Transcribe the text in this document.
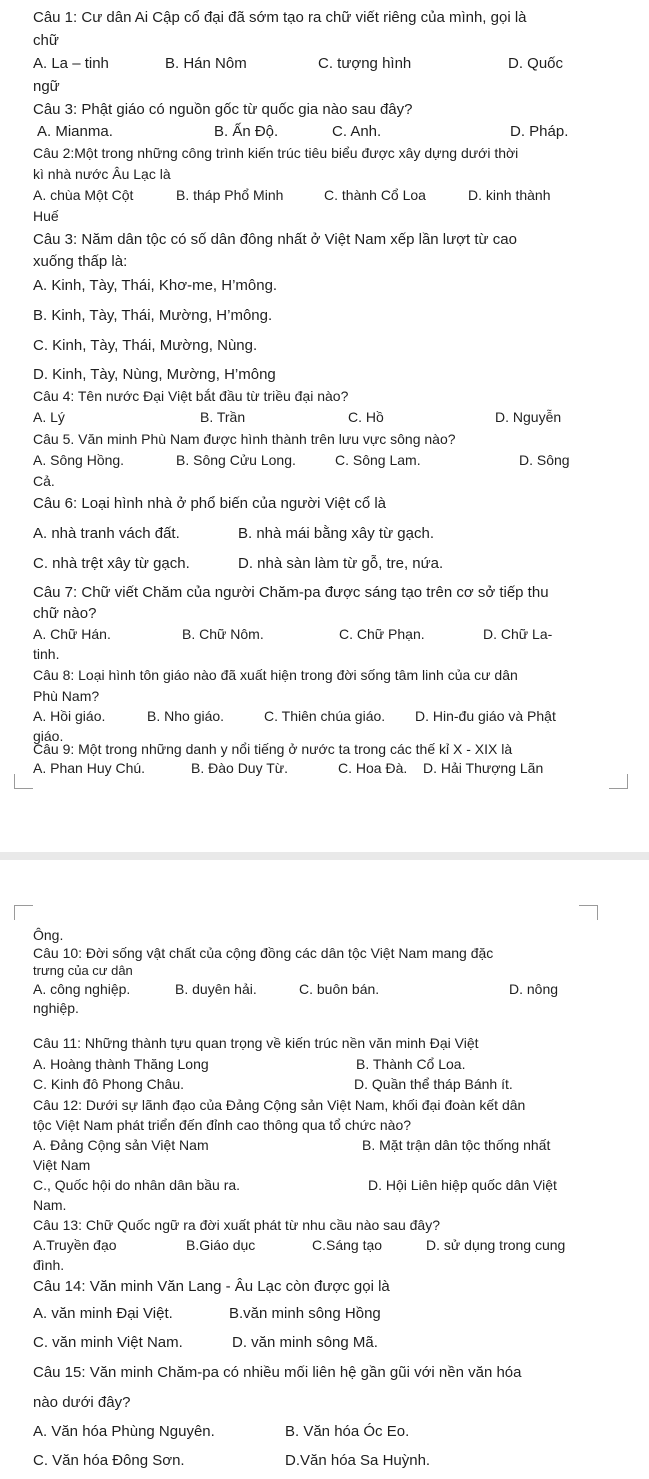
Câu 1: Cư dân Ai Cập cổ đại đã sớm tạo ra chữ viết riêng của mình, gọi là
chữ
A. La – tinh	B. Hán Nôm	C. tượng hình	D. Quốc
ngữ
Câu 3: Phật giáo có nguồn gốc từ quốc gia nào sau đây?
A. Mianma.	B. Ấn Độ.	C. Anh.	D. Pháp.
Câu 2:Một trong những công trình kiến trúc tiêu biểu được xây dựng dưới thời
kì nhà nước Âu Lạc là
A. chùa Một Cột	B. tháp Phổ Minh	C. thành Cổ Loa	D. kinh thành
Huế
Câu 3: Năm dân tộc có số dân đông nhất ở Việt Nam xếp lần lượt từ cao
xuống thấp là:
A. Kinh, Tày, Thái, Khơ-me, H’mông.
B. Kinh, Tày, Thái, Mường, H’mông.
C. Kinh, Tày, Thái, Mường, Nùng.
D. Kinh, Tày, Nùng, Mường, H’mông
Câu 4: Tên nước Đại Việt bắt đầu từ triều đại nào?
A. Lý	B. Trần	C. Hồ	D. Nguyễn
Câu 5. Văn minh Phù Nam được hình thành trên lưu vực sông nào?
A. Sông Hồng.	B. Sông Cửu Long.	C. Sông Lam.	D. Sông
Cả.
Câu 6: Loại hình nhà ở phổ biến của người Việt cổ là
A. nhà tranh vách đất.	B. nhà mái bằng xây từ gạch.
C. nhà trệt xây từ gạch.	D. nhà sàn làm từ gỗ, tre, nứa.
Câu 7: Chữ viết Chăm của người Chăm-pa được sáng tạo trên cơ sở tiếp thu
chữ nào?
A. Chữ Hán.	B. Chữ Nôm.	C. Chữ Phạn.	D. Chữ La-
tinh.
Câu 8: Loại hình tôn giáo nào đã xuất hiện trong đời sống tâm linh của cư dân
Phù Nam?
A. Hồi giáo.	B. Nho giáo.	C. Thiên chúa giáo. D. Hin-đu giáo và Phật
giáo.
Câu 9: Một trong những danh y nổi tiếng ở nước ta trong các thế kỉ X - XIX là
A. Phan Huy Chú.	B. Đào Duy Từ.	C. Hoa Đà. D. Hải Thượng Lãn
Ông.
Câu 10: Đời sống vật chất của cộng đồng các dân tộc Việt Nam mang đặc
trưng của cư dân
A. công nghiệp.	B. duyên hải.	C. buôn bán.	D. nông
nghiệp.
Câu 11: Những thành tựu quan trọng về kiến trúc nền văn minh Đại Việt
A. Hoàng thành Thăng Long	B. Thành Cổ Loa.
C. Kinh đô Phong Châu.	D. Quần thể tháp Bánh ít.
Câu 12: Dưới sự lãnh đạo của Đảng Cộng sản Việt Nam, khối đại đoàn kết dân
tộc Việt Nam phát triển đến đỉnh cao thông qua tổ chức nào?
A. Đảng Cộng sản Việt Nam	B. Mặt trận dân tộc thống nhất
Việt Nam
C., Quốc hội do nhân dân bầu ra.	D. Hội Liên hiệp quốc dân Việt
Nam.
Câu 13: Chữ Quốc ngữ ra đời xuất phát từ nhu cầu nào sau đây?
A.Truyền đạo	B.Giáo dục	C.Sáng tạo	D. sử dụng trong cung
đình.
Câu 14: Văn minh Văn Lang - Âu Lạc còn được gọi là
A. văn minh Đại Việt.	B.văn minh sông Hồng
C. văn minh Việt Nam.	D. văn minh sông Mã.
Câu 15: Văn minh Chăm-pa có nhiều mối liên hệ gần gũi với nền văn hóa
nào dưới đây?
A. Văn hóa Phùng Nguyên.	B. Văn hóa Óc Eo.
C. Văn hóa Đông Sơn.	D.Văn hóa Sa Huỳnh.
